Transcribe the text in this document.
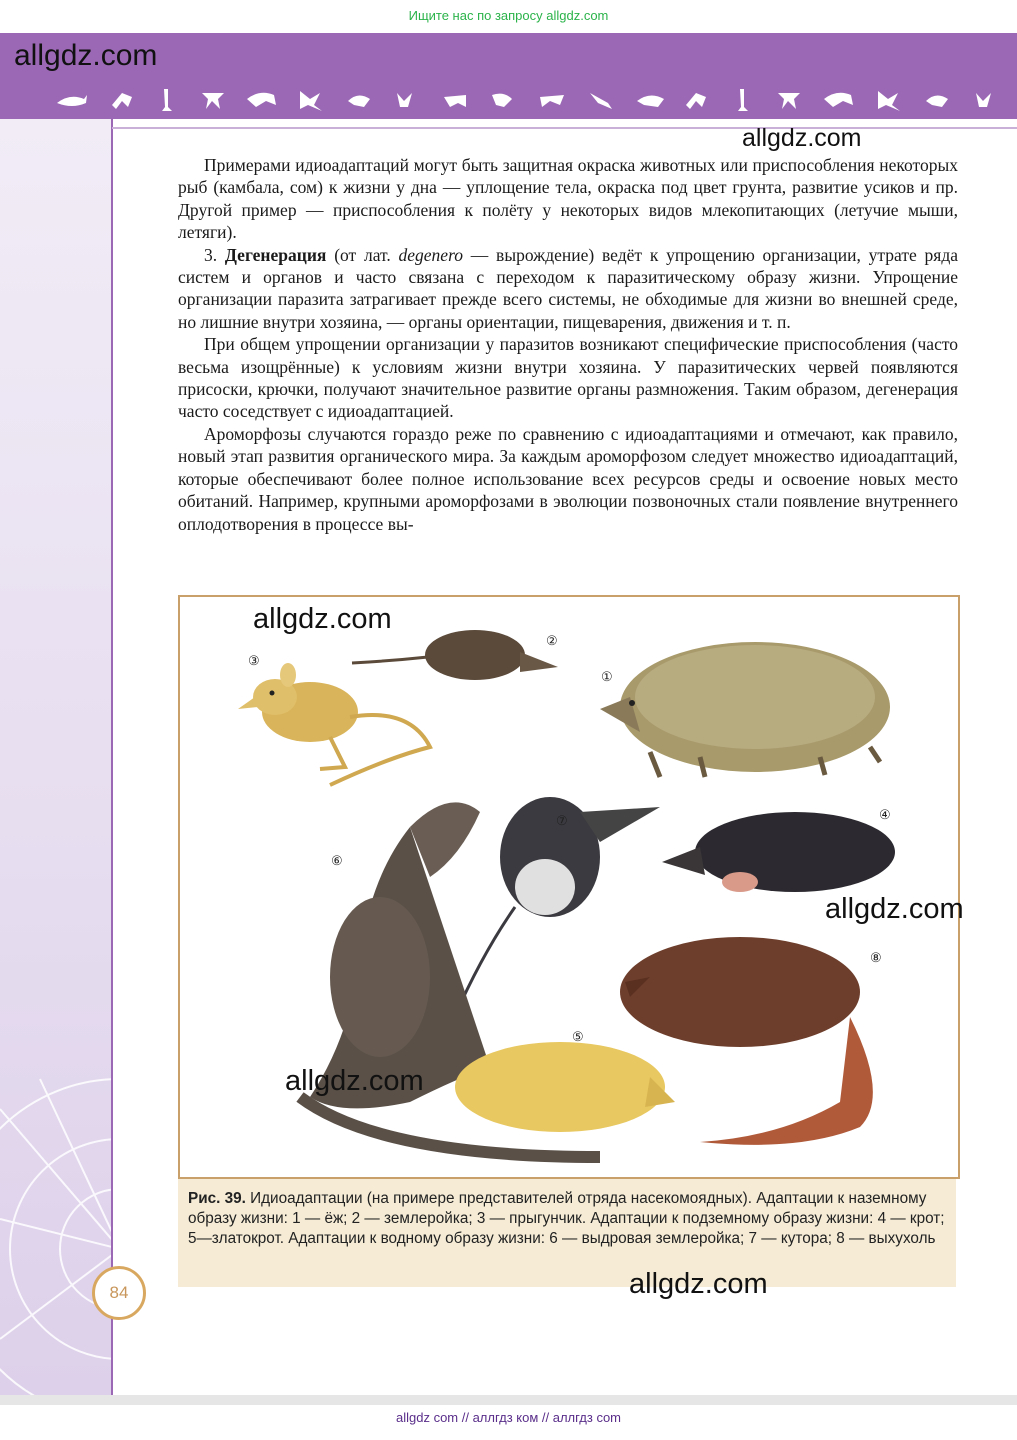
Ищите нас по запросу allgdz.com
allgdz.com
allgdz.com

Примерами идиоадаптаций могут быть защитная окраска животных или приспособления некоторых рыб (камбала, сом) к жизни у дна — уплощение тела, окраска под цвет грунта, развитие усиков и пр. Другой пример — приспособления к полёту у некоторых видов млекопитающих (летучие мыши, летяги).

3. Дегенерация (от лат. degenero — вырождение) ведёт к упрощению организации, утрате ряда систем и органов и часто связана с переходом к паразитическому образу жизни. Упрощение организации паразита затрагивает прежде всего системы, не обходимые для жизни во внешней среде, но лишние внутри хозяина, — органы ориентации, пищеварения, движения и т. п.

При общем упрощении организации у паразитов возникают специфические приспособления (часто весьма изощрённые) к условиям жизни внутри хозяина. У паразитических червей появляются присоски, крючки, получают значительное развитие органы размножения. Таким образом, дегенерация часто соседствует с идиоадаптацией.

Ароморфозы случаются гораздо реже по сравнению с идиоадаптациями и отмечают, как правило, новый этап развития органического мира. За каждым ароморфозом следует множество идиоадаптаций, которые обеспечивают более полное использование всех ресурсов среды и освоение новых место обитаний. Например, крупными ароморфозами в эволюции позвоночных стали появление внутреннего оплодотворения в процессе вы-

③
②
①
④
⑦
⑥
⑧
⑤
allgdz.com
allgdz.com
allgdz.com
Рис. 39. Идиоадаптации (на примере представителей отряда насекомоядных). Адаптации к наземному образу жизни: 1 — ёж; 2 — землеройка; 3 — прыгунчик. Адаптации к подземному образу жизни: 4 — крот; 5—златокрот. Адаптации к водному образу жизни: 6 — выдровая землеройка; 7 — кутора; 8 — выхухоль
allgdz.com
84
allgdz com // аллгдз ком // аллгдз com
